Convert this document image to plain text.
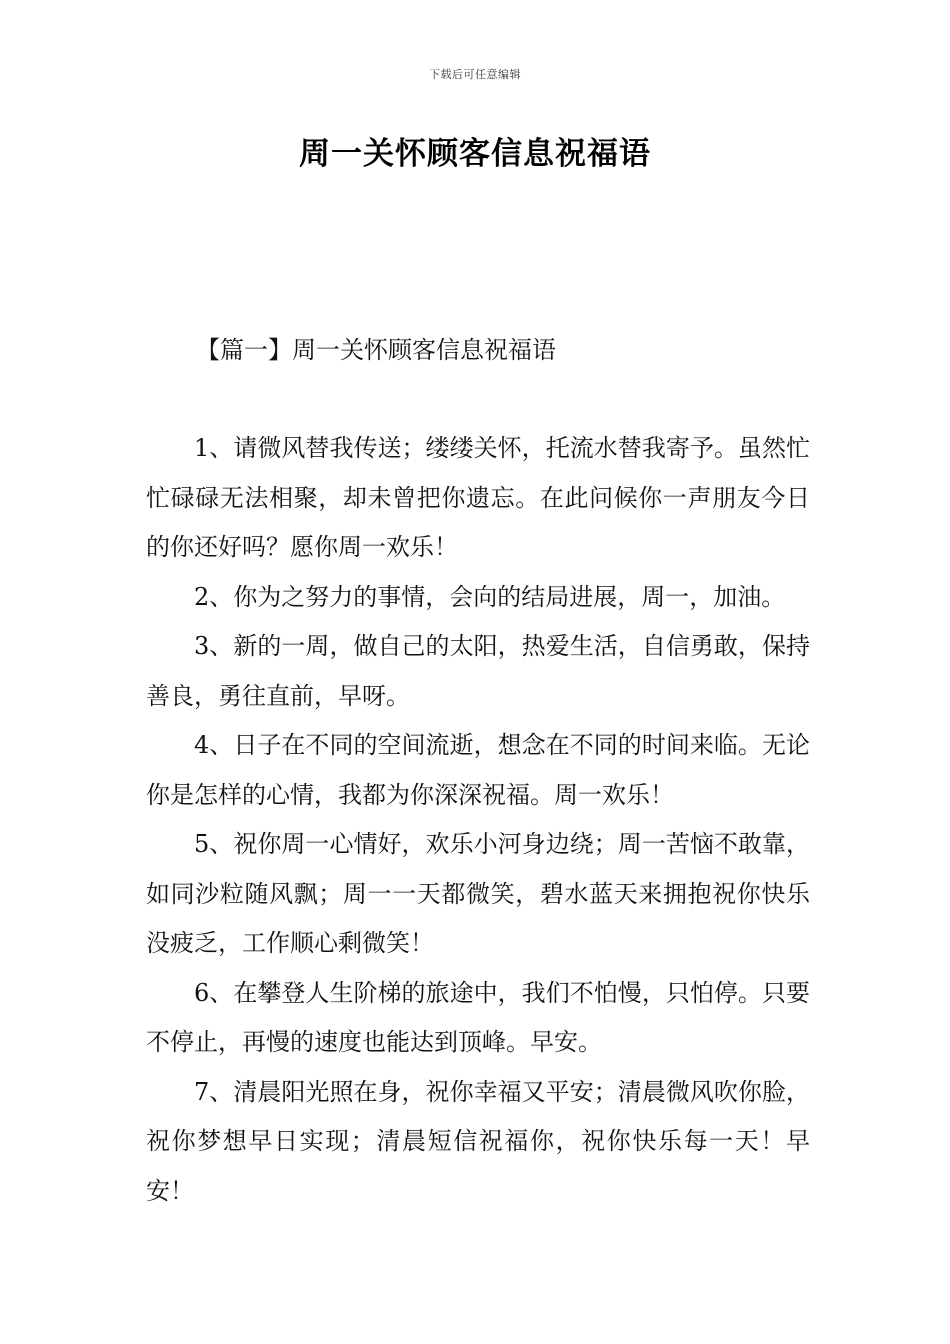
下载后可任意编辑
周一关怀顾客信息祝福语
【篇一】周一关怀顾客信息祝福语

1、请微风替我传送；缕缕关怀，托流水替我寄予。虽然忙忙碌碌无法相聚，却未曾把你遗忘。在此问候你一声朋友今日的你还好吗？愿你周一欢乐！

2、你为之努力的事情，会向的结局进展，周一，加油。

3、新的一周，做自己的太阳，热爱生活，自信勇敢，保持善良，勇往直前，早呀。

4、日子在不同的空间流逝，想念在不同的时间来临。无论你是怎样的心情，我都为你深深祝福。周一欢乐！

5、祝你周一心情好，欢乐小河身边绕；周一苦恼不敢靠，如同沙粒随风飘；周一一天都微笑，碧水蓝天来拥抱祝你快乐没疲乏，工作顺心剩微笑！

6、在攀登人生阶梯的旅途中，我们不怕慢，只怕停。只要不停止，再慢的速度也能达到顶峰。早安。

7、清晨阳光照在身，祝你幸福又平安；清晨微风吹你脸，祝你梦想早日实现；清晨短信祝福你，祝你快乐每一天！早安！
